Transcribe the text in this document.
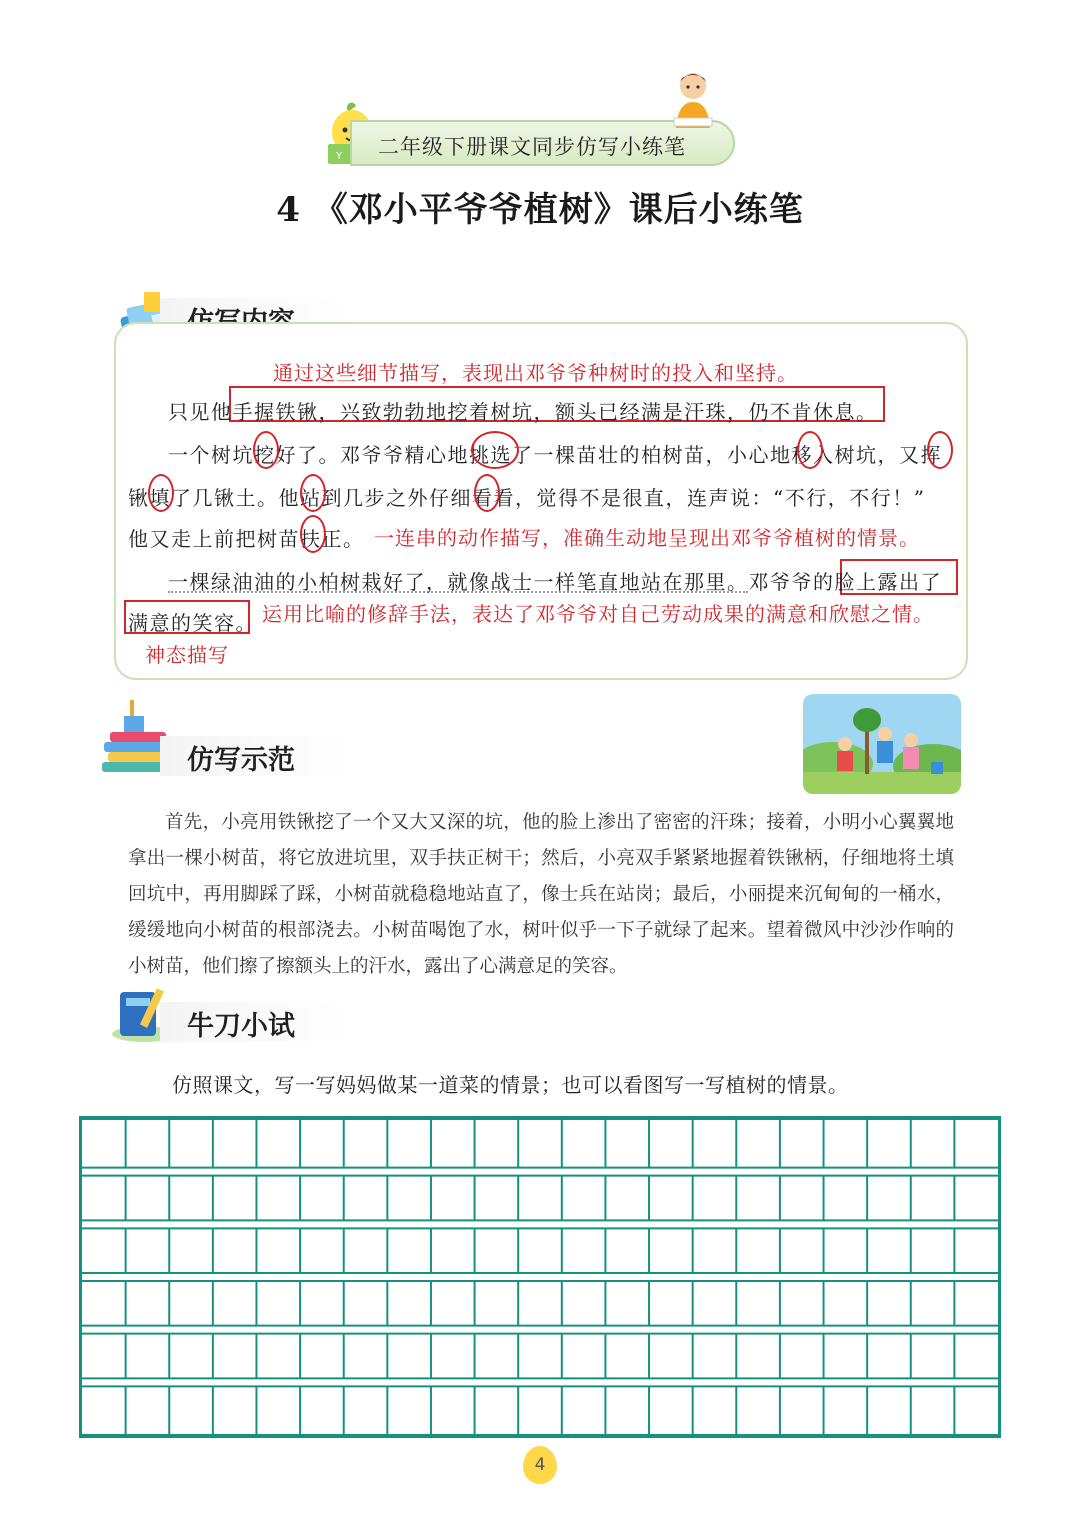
Y 二年级下册课文同步仿写小练笔
4 《邓小平爷爷植树》课后小练笔
通过这些细节描写，表现出邓爷爷种树时的投入和坚持。
只见他手握铁锹，兴致勃勃地挖着树坑，额头已经满是汗珠，仍不肯休息。
一个树坑挖好了。邓爷爷精心地挑选了一棵苗壮的柏树苗，小心地移入树坑，又挥
锹填了几锹土。他站到几步之外仔细看看，觉得不是很直，连声说：“不行，不行！”
他又走上前把树苗扶正。 一连串的动作描写，准确生动地呈现出邓爷爷植树的情景。
一棵绿油油的小柏树栽好了，就像战士一样笔直地站在那里。邓爷爷的脸上露出了
满意的笑容。 运用比喻的修辞手法，表达了邓爷爷对自己劳动成果的满意和欣慰之情。
神态描写
仿写示范
首先，小亮用铁锹挖了一个又大又深的坑，他的脸上渗出了密密的汗珠；接着，小明小心翼翼地拿出一棵小树苗，将它放进坑里，双手扶正树干；然后，小亮双手紧紧地握着铁锹柄，仔细地将土填回坑中，再用脚踩了踩，小树苗就稳稳地站直了，像士兵在站岗；最后，小丽提来沉甸甸的一桶水，缓缓地向小树苗的根部浇去。小树苗喝饱了水，树叶似乎一下子就绿了起来。望着微风中沙沙作响的小树苗，他们擦了擦额头上的汗水，露出了心满意足的笑容。
牛刀小试
仿照课文，写一写妈妈做某一道菜的情景；也可以看图写一写植树的情景。
4
